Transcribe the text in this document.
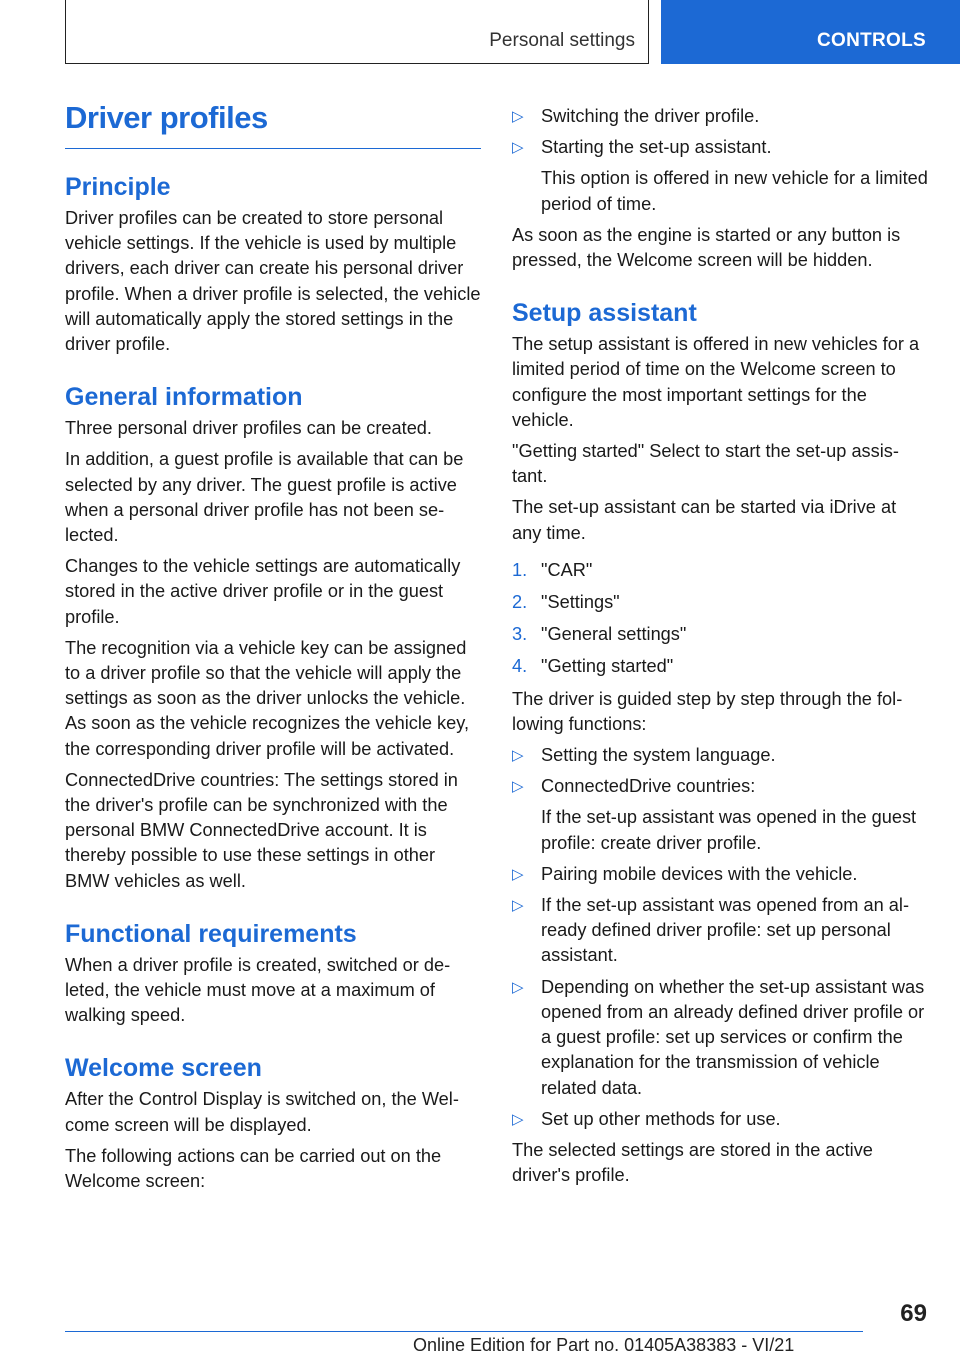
Personal settings	CONTROLS
Driver profiles
Principle

Driver profiles can be created to store personal vehicle settings. If the vehicle is used by multiple drivers, each driver can create his personal driver profile. When a driver profile is selected, the vehicle will automatically apply the stored settings in the driver profile.

General information

Three personal driver profiles can be created.

In addition, a guest profile is available that can be selected by any driver. The guest profile is active when a personal driver profile has not been selected.

Changes to the vehicle settings are automatically stored in the active driver profile or in the guest profile.

The recognition via a vehicle key can be assigned to a driver profile so that the vehicle will apply the settings as soon as the driver unlocks the vehicle. As soon as the vehicle recognizes the vehicle key, the corresponding driver profile will be activated.

ConnectedDrive countries: The settings stored in the driver's profile can be synchronized with the personal BMW ConnectedDrive account. It is thereby possible to use these settings in other BMW vehicles as well.

Functional requirements

When a driver profile is created, switched or deleted, the vehicle must move at a maximum of walking speed.

Welcome screen

After the Control Display is switched on, the Welcome screen will be displayed.

The following actions can be carried out on the Welcome screen:

▷ Switching the driver profile.
▷ Starting the set-up assistant.
This option is offered in new vehicle for a limited period of time.

As soon as the engine is started or any button is pressed, the Welcome screen will be hidden.

Setup assistant

The setup assistant is offered in new vehicles for a limited period of time on the Welcome screen to configure the most important settings for the vehicle.

"Getting started" Select to start the set-up assistant.

The set-up assistant can be started via iDrive at any time.

1. "CAR"
2. "Settings"
3. "General settings"
4. "Getting started"

The driver is guided step by step through the following functions:

▷ Setting the system language.
▷ ConnectedDrive countries:
If the set-up assistant was opened in the guest profile: create driver profile.
▷ Pairing mobile devices with the vehicle.
▷ If the set-up assistant was opened from an already defined driver profile: set up personal assistant.
▷ Depending on whether the set-up assistant was opened from an already defined driver profile or a guest profile: set up services or confirm the explanation for the transmission of vehicle related data.
▷ Set up other methods for use.

The selected settings are stored in the active driver's profile.

69
Online Edition for Part no. 01405A38383 - VI/21
